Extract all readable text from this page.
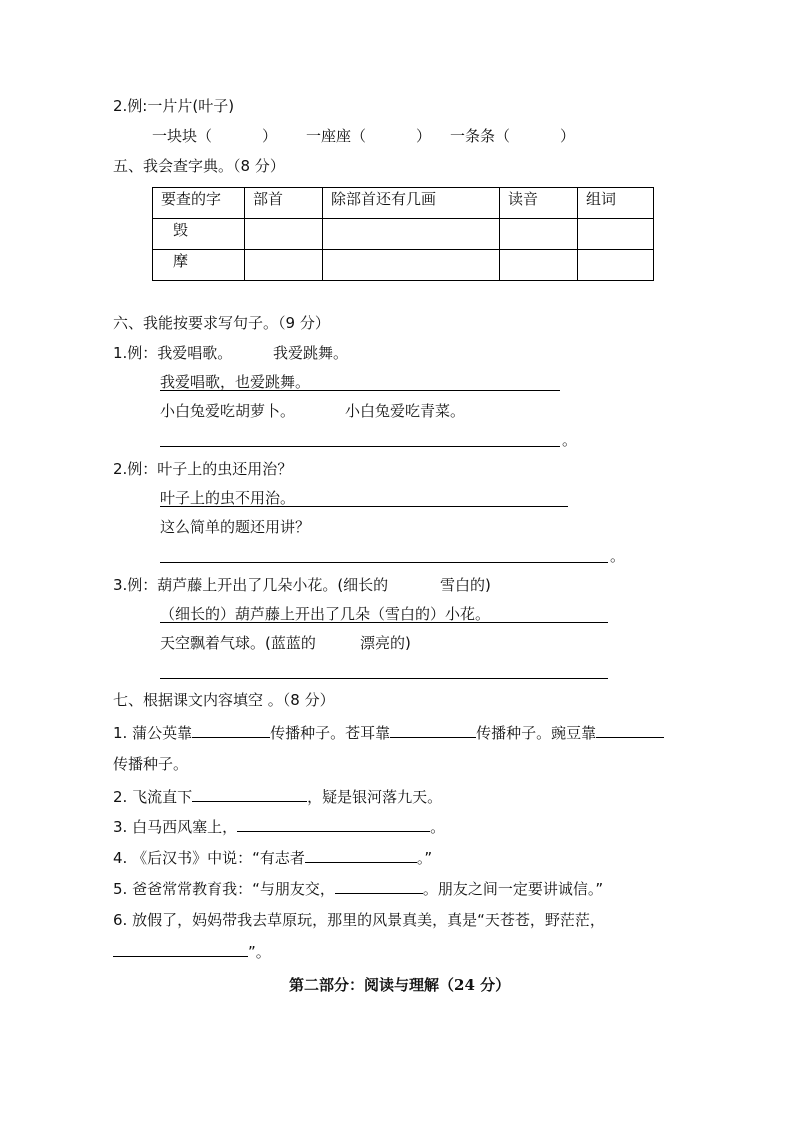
2.例:一片片(叶子)
一块块（	） 一座座（	） 一条条（	）
五、我会查字典。（8 分）
要查的字	部首	除部首还有几画	读音	组词
毁				
摩				
六、我能按要求写句子。（9 分）
1.例：我爱唱歌。	我爱跳舞。
我爱唱歌，也爱跳舞。
小白兔爱吃胡萝卜。	小白兔爱吃青菜。
。
2.例：叶子上的虫还用治？
叶子上的虫不用治。
这么简单的题还用讲？
。
3.例：葫芦藤上开出了几朵小花。(细长的	雪白的)
（细长的）葫芦藤上开出了几朵（雪白的）小花。
天空飘着气球。(蓝蓝的	漂亮的)
七、根据课文内容填空 。（8 分）
1. 蒲公英靠	传播种子。苍耳靠	传播种子。豌豆靠
传播种子。
2. 飞流直下	，疑是银河落九天。
3. 白马西风塞上，	。
4. 《后汉书》中说：“有志者	。”
5. 爸爸常常教育我：“与朋友交，	。朋友之间一定要讲诚信。”
6. 放假了，妈妈带我去草原玩，那里的风景真美，真是“天苍苍，野茫茫，
”。
第二部分：阅读与理解（24 分）
